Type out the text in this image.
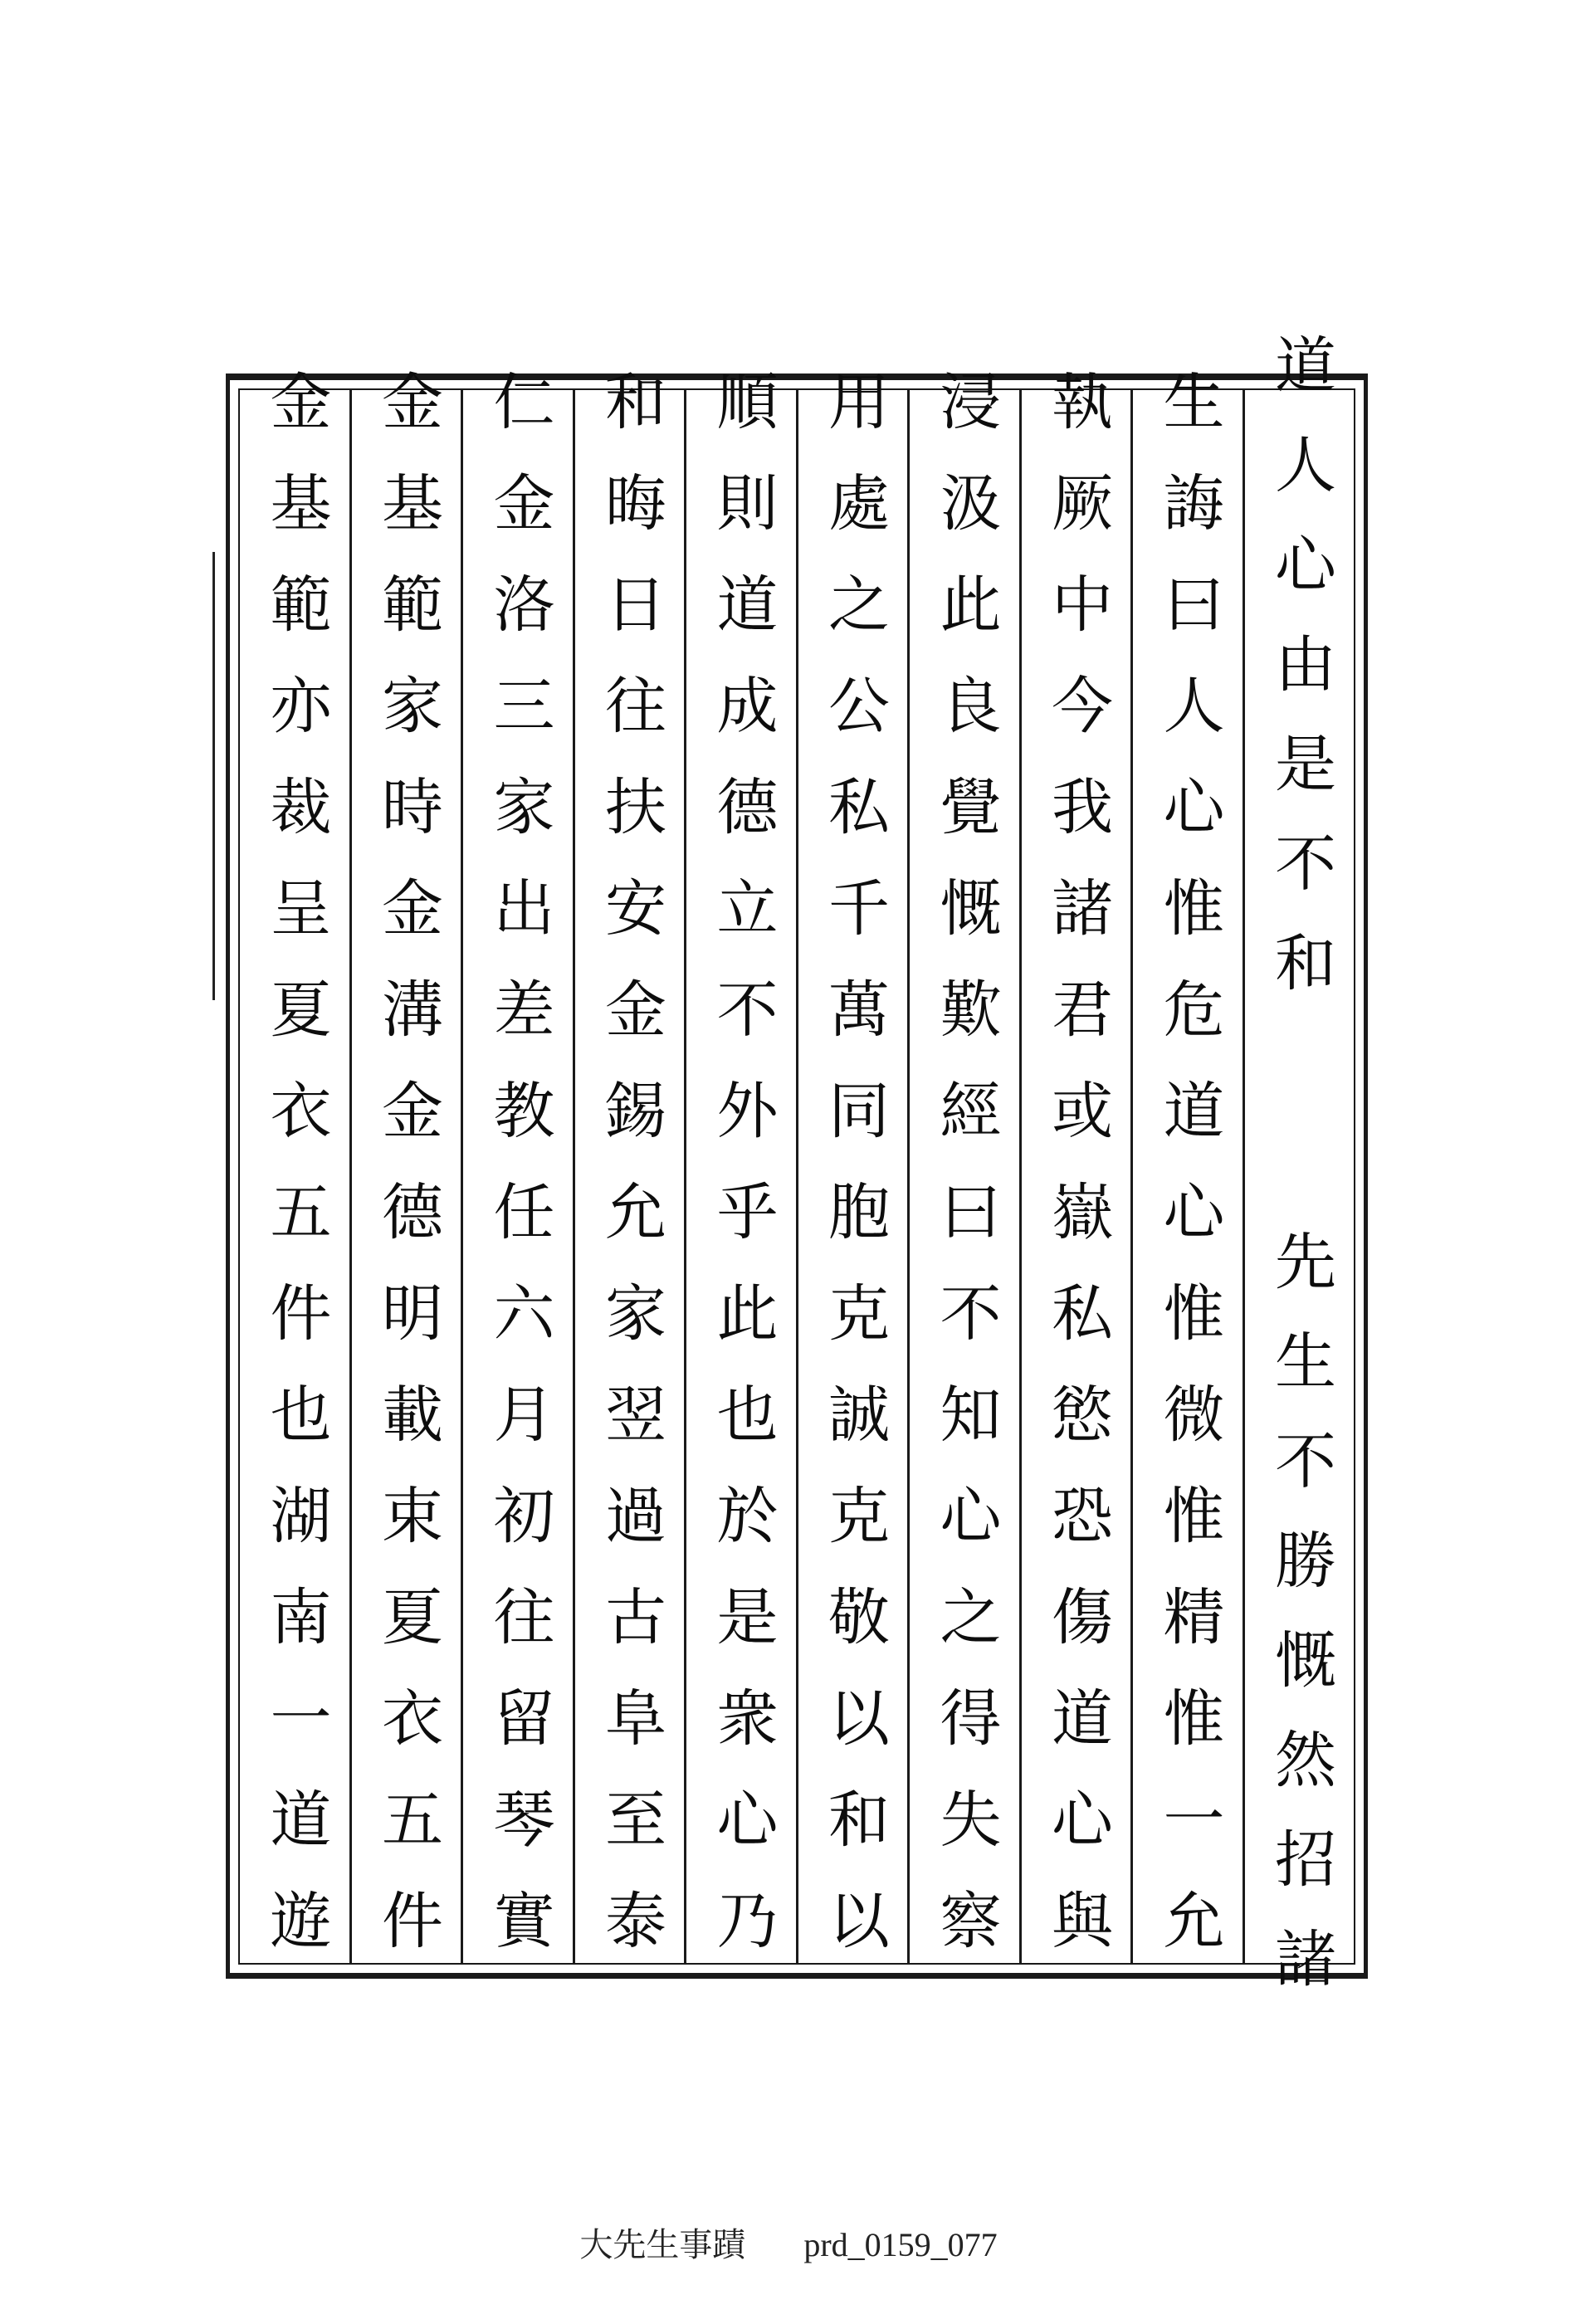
道人心由是不和　　先生不勝慨然招諸
生誨曰人心惟危道心惟微惟精惟一允
執厥中今我諸君或嶽私慾恐傷道心與
浸汲此良覺慨歎經曰不知心之得失察
用處之公私千萬同胞克誠克敬以和以
順則道成德立不外乎此也於是衆心乃
和晦日往扶安金錫允家翌過古阜至泰
仁金洛三家出差教任六月初往留琴實
金基範家時金溝金德明載束夏衣五件
金基範亦裁呈夏衣五件也湖南一道遊
大先生事蹟 prd_0159_077
